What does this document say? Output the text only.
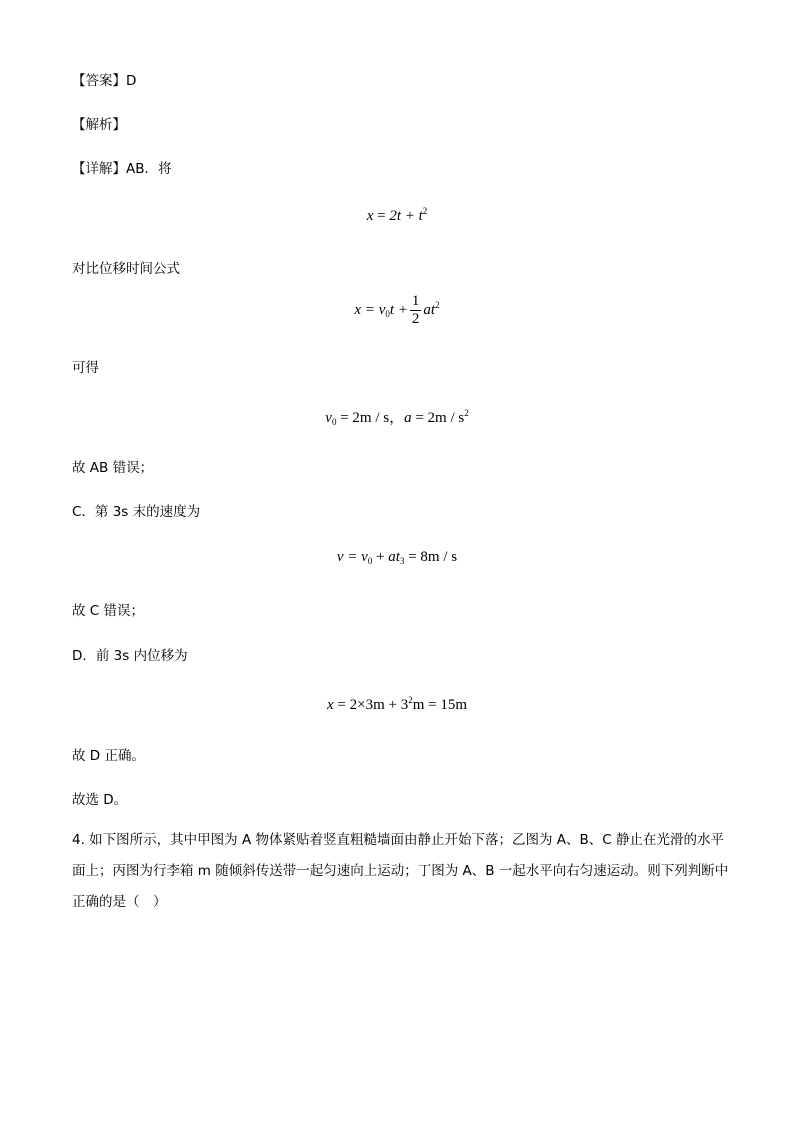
【答案】D
【解析】
【详解】AB．将
$x = 2t + t^2$
对比位移时间公式
$x = v_0t + \frac{1}{2} at^2$
可得
$v_0 = 2m / s$，$a = 2m / s^2$
故 AB 错误；
C．第 3s 末的速度为
$v = v_0 + at_3 = 8m / s$
故 C 错误；
D．前 3s 内位移为
$x = 2\times 3m + 3^2m = 15m$
故 D 正确。
故选 D。
4. 如下图所示，其中甲图为 A 物体紧贴着竖直粗糙墙面由静止开始下落；乙图为 A、B、C 静止在光滑的水平面上；丙图为行李箱 m 随倾斜传送带一起匀速向上运动；丁图为 A、B 一起水平向右匀速运动。则下列判断中正确的是（　）
